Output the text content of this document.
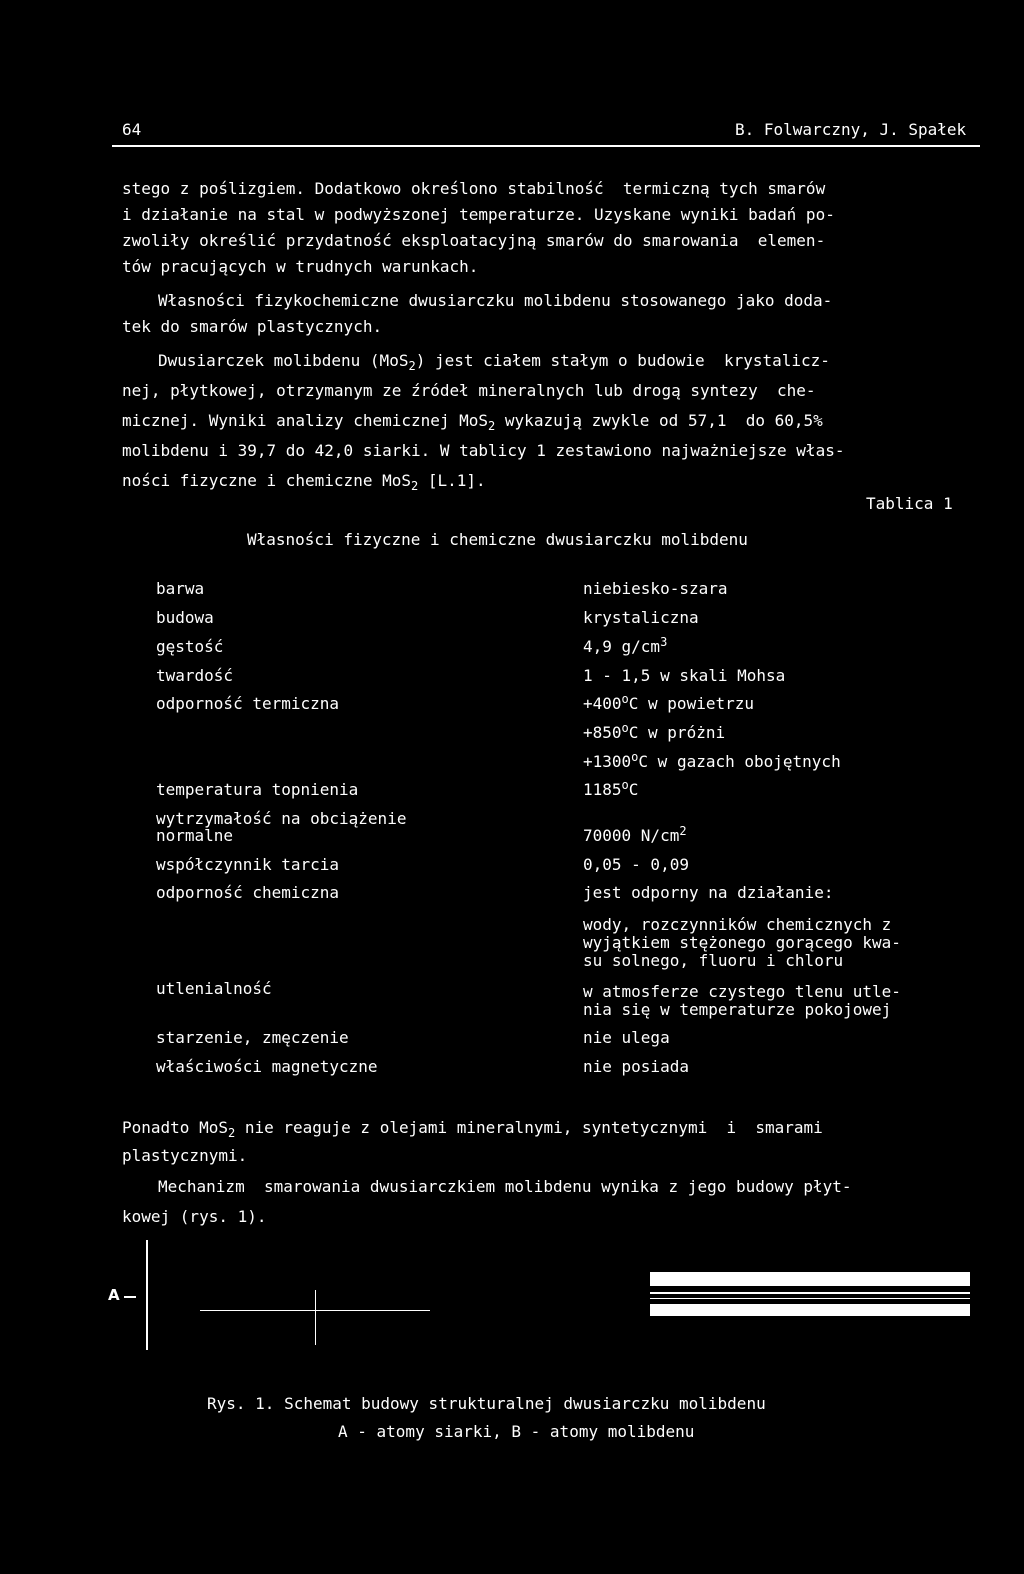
64	B. Folwarczny, J. Spałek
stego z poślizgiem. Dodatkowo określono stabilność  termiczną tych smarów
i działanie na stal w podwyższonej temperaturze. Uzyskane wyniki badań po-
zwoliły określić przydatność eksploatacyjną smarów do smarowania  elemen-
tów pracujących w trudnych warunkach.
Własności fizykochemiczne dwusiarczku molibdenu stosowanego jako doda-
tek do smarów plastycznych.
Dwusiarczek molibdenu (MoS$_2$) jest ciałem stałym o budowie  krystalicz-
nej, płytkowej, otrzymanym ze źródeł mineralnych lub drogą syntezy  che-
micznej. Wyniki analizy chemicznej MoS$_2$ wykazują zwykle od 57,1  do 60,5%
molibdenu i 39,7 do 42,0 siarki. W tablicy 1 zestawiono najważniejsze włas-
ności fizyczne i chemiczne MoS$_2$ [L.1].
Tablica 1
Własności fizyczne i chemiczne dwusiarczku molibdenu
barwa	niebiesko-szara
budowa	krystaliczna
gęstość	4,9 $g/cm^3$
twardość	1 - 1,5 w skali Mohsa
odporność termiczna	$+400^oC$ w powietrzu
$+850^oC$ w próżni
$+1300^oC$ w gazach obojętnych
temperatura topnienia	1185$^o$C
wytrzymałość na obciążenie
normalne	70000 $N/cm^2$
współczynnik tarcia	0,05 - 0,09
odporność chemiczna	jest odporny na działanie:
wody, rozczynników chemicznych z
wyjątkiem stężonego gorącego kwa-
su solnego, fluoru i chloru
utlenialność	w atmosferze czystego tlenu utle-
nia się w temperaturze pokojowej
starzenie, zmęczenie	nie ulega
właściwości magnetyczne	nie posiada
Ponadto MoS$_2$ nie reaguje z olejami mineralnymi, syntetycznymi  i  smarami
plastycznymi.
Mechanizm  smarowania dwusiarczkiem molibdenu wynika z jego budowy płyt-
kowej (rys. 1).
A
Rys. 1. Schemat budowy strukturalnej dwusiarczku molibdenu
A - atomy siarki, B - atomy molibdenu
